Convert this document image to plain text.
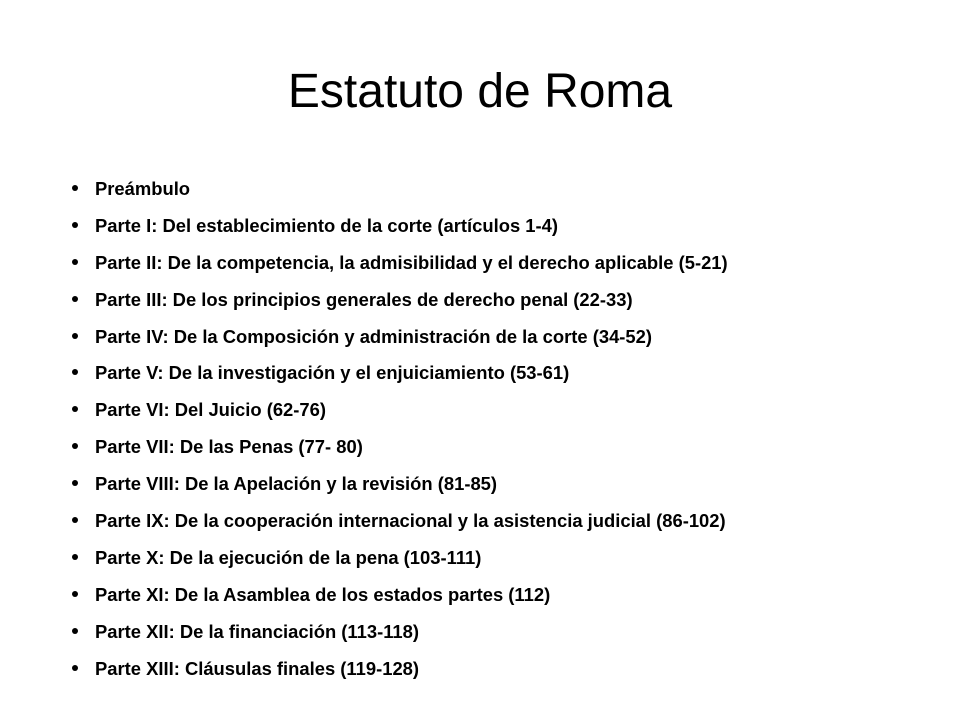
Estatuto de Roma
Preámbulo
Parte I: Del establecimiento de la corte (artículos 1-4)
Parte II: De la competencia, la admisibilidad y el derecho aplicable (5-21)
Parte III: De los principios generales de derecho penal (22-33)
Parte IV: De la Composición y administración de la corte (34-52)
Parte V: De la investigación y el enjuiciamiento (53-61)
Parte VI: Del Juicio (62-76)
Parte VII: De las Penas (77- 80)
Parte VIII: De la Apelación y la revisión (81-85)
Parte IX: De la cooperación internacional y la asistencia judicial (86-102)
Parte X: De la ejecución de la pena (103-111)
Parte XI: De la Asamblea de los estados partes (112)
Parte XII: De la financiación (113-118)
Parte XIII: Cláusulas finales (119-128)
